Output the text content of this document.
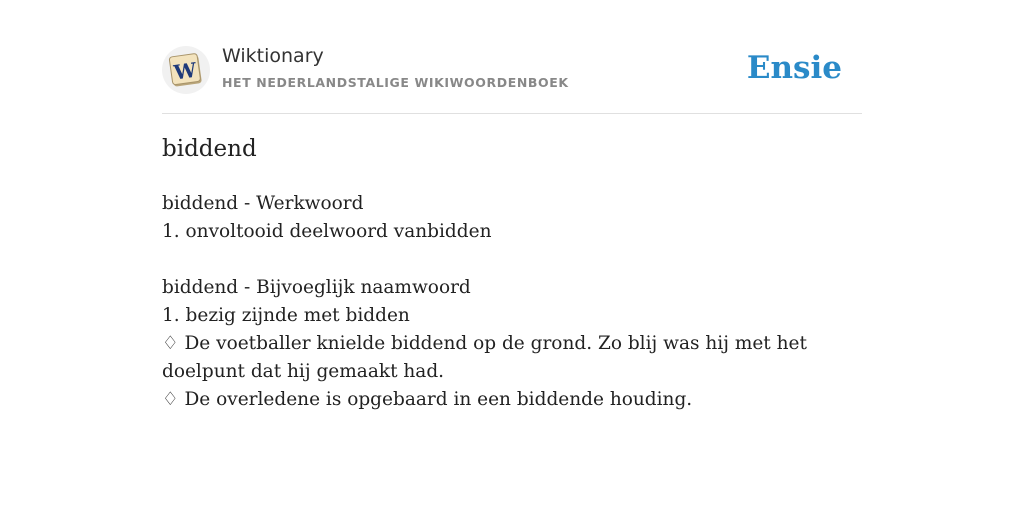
W
Wiktionary
HET NEDERLANDSTALIGE WIKIWOORDENBOEK	Ensie
biddend
biddend - Werkwoord
1. onvoltooid deelwoord vanbidden
biddend - Bijvoeglijk naamwoord
1. bezig zijnde met bidden
♢ De voetballer knielde biddend op de grond. Zo blij was hij met het doelpunt dat hij gemaakt had.
♢ De overledene is opgebaard in een biddende houding.
